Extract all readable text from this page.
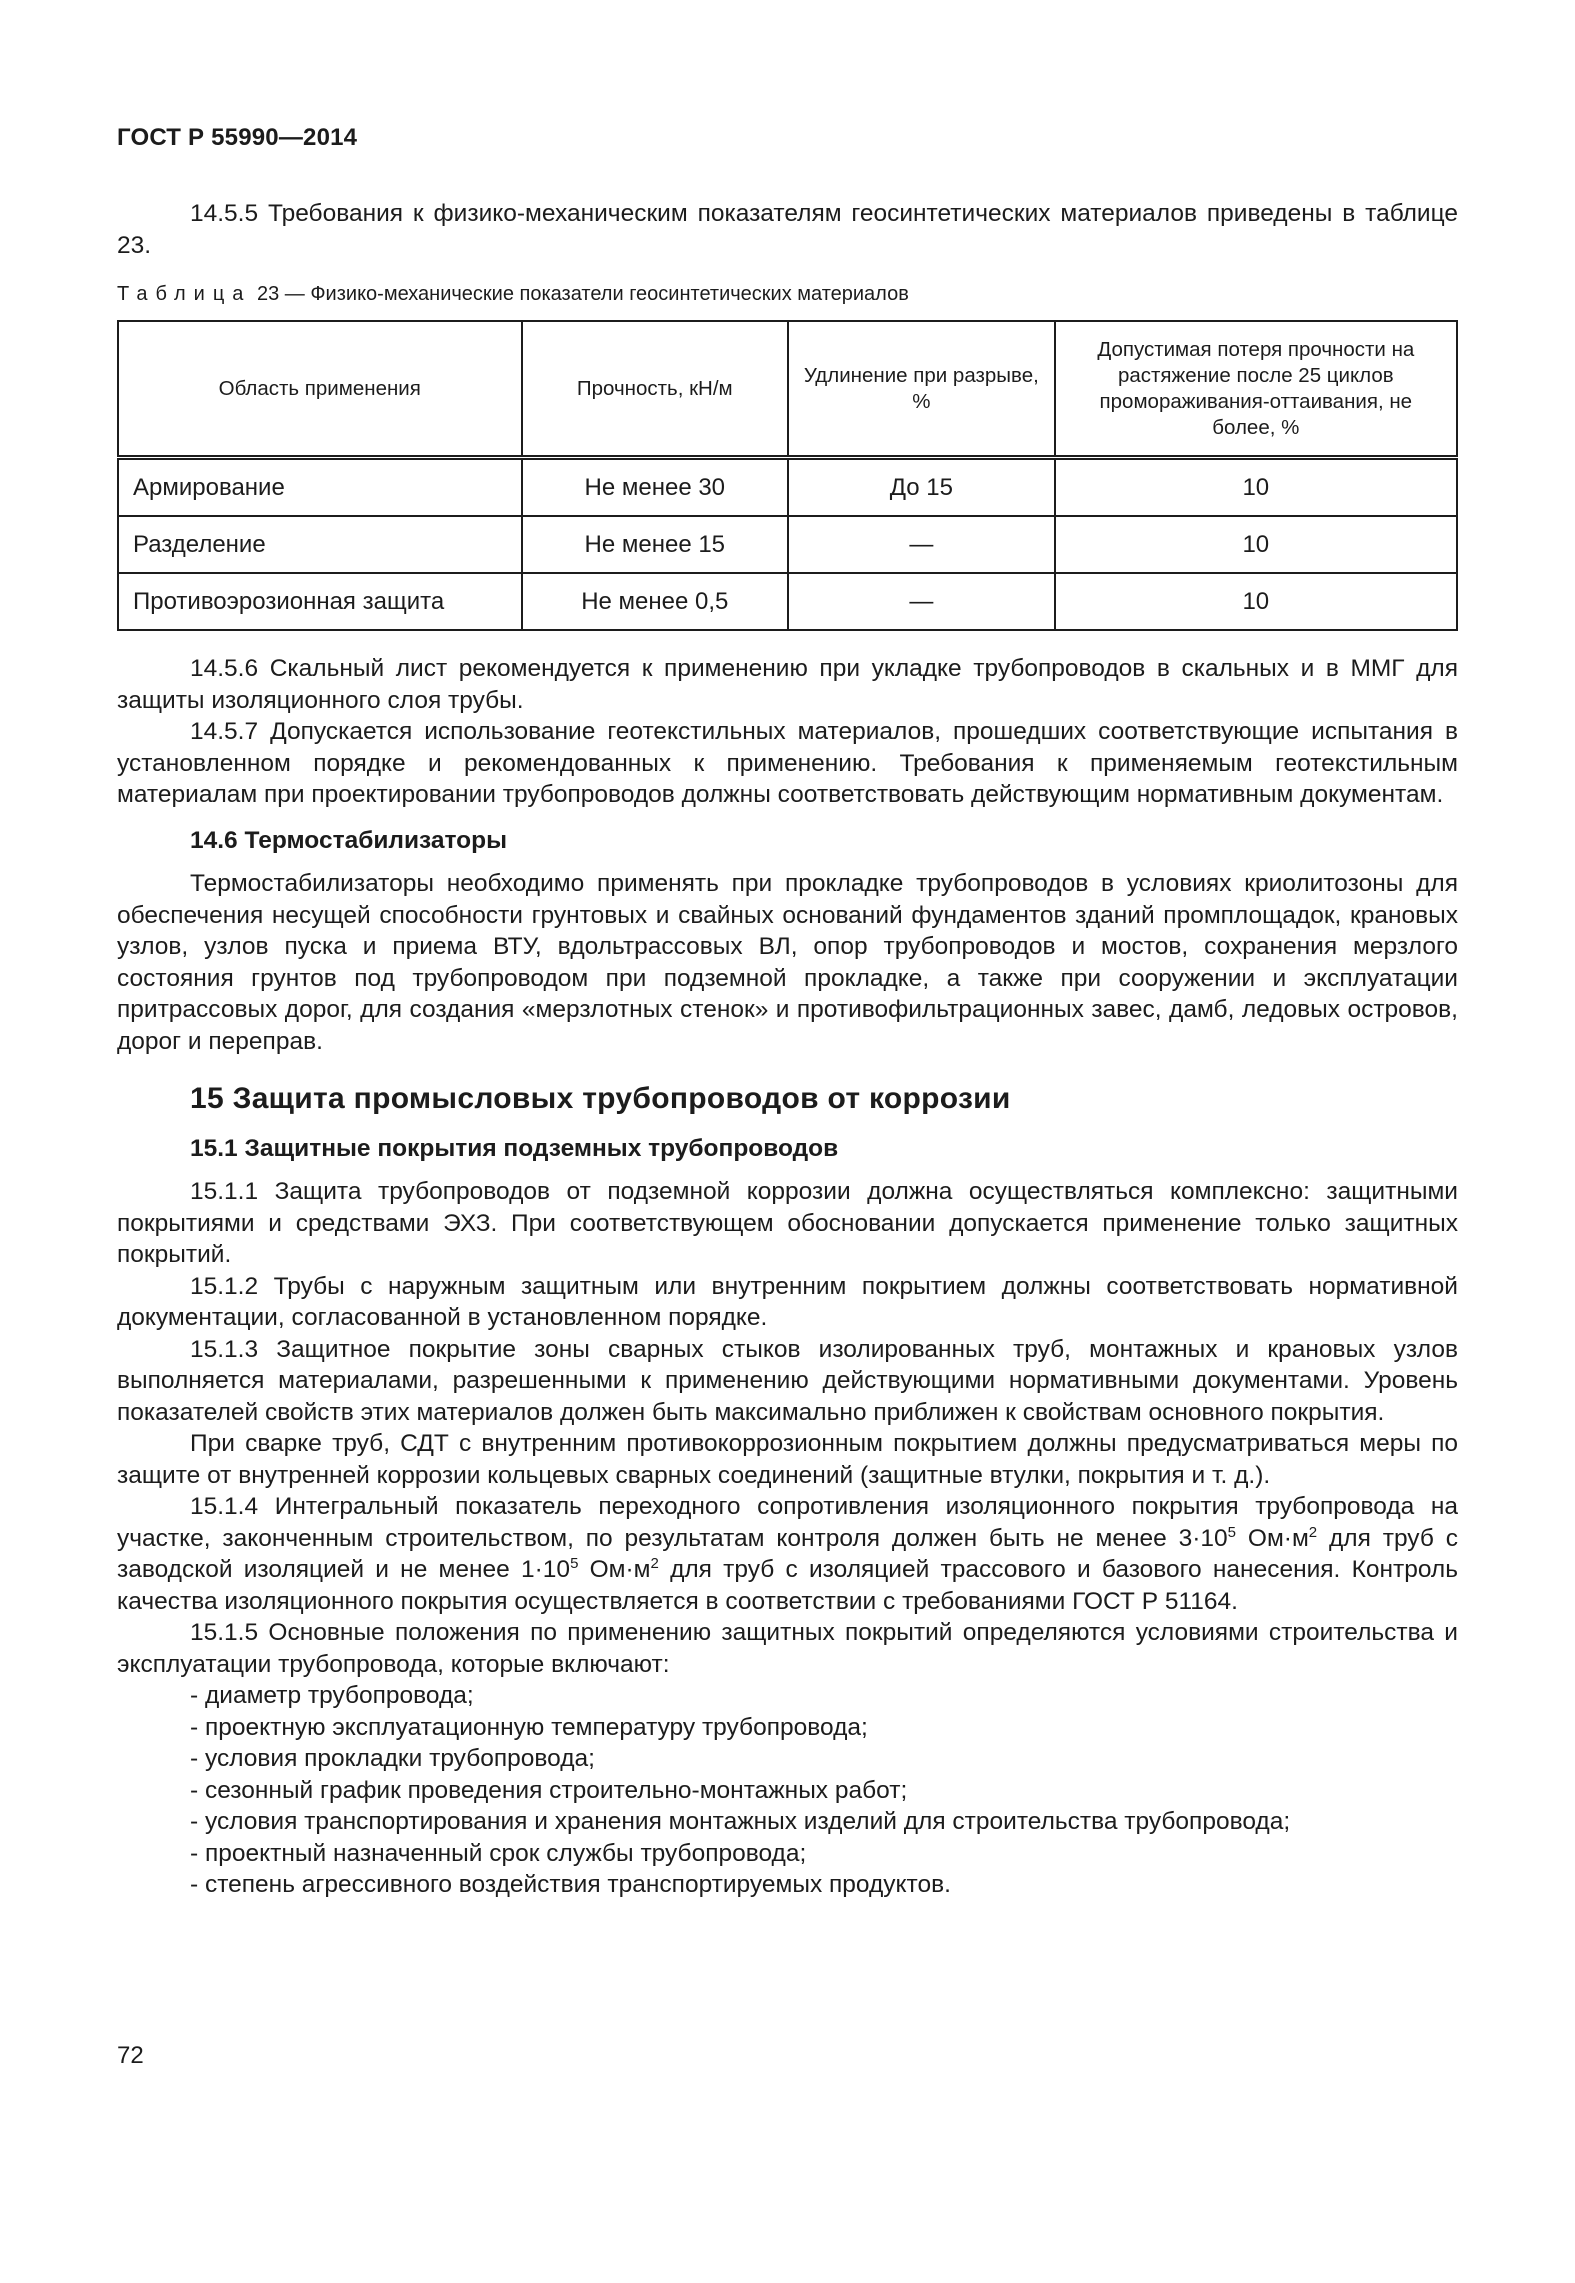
ГОСТ Р 55990—2014

14.5.5 Требования к физико-механическим показателям геосинтетических материалов приведены в таблице 23.

Таблица 23 — Физико-механические показатели геосинтетических материалов
Область применения	Прочность, кН/м	Удлинение при разрыве, %	Допустимая потеря прочности на растяжение после 25 циклов промораживания-оттаивания, не более, %
Армирование	Не менее 30	До 15	10
Разделение	Не менее 15	—	10
Противоэрозионная защита	Не менее 0,5	—	10

14.5.6 Скальный лист рекомендуется к применению при укладке трубопроводов в скальных и в ММГ для защиты изоляционного слоя трубы.

14.5.7 Допускается использование геотекстильных материалов, прошедших соответствующие испытания в установленном порядке и рекомендованных к применению. Требования к применяемым геотекстильным материалам при проектировании трубопроводов должны соответствовать действующим нормативным документам.

14.6 Термостабилизаторы

Термостабилизаторы необходимо применять при прокладке трубопроводов в условиях криолитозоны для обеспечения несущей способности грунтовых и свайных оснований фундаментов зданий промплощадок, крановых узлов, узлов пуска и приема ВТУ, вдольтрассовых ВЛ, опор трубопроводов и мостов, сохранения мерзлого состояния грунтов под трубопроводом при подземной прокладке, а также при сооружении и эксплуатации притрассовых дорог, для создания «мерзлотных стенок» и противофильтрационных завес, дамб, ледовых островов, дорог и переправ.

15 Защита промысловых трубопроводов от коррозии
15.1 Защитные покрытия подземных трубопроводов

15.1.1 Защита трубопроводов от подземной коррозии должна осуществляться комплексно: защитными покрытиями и средствами ЭХЗ. При соответствующем обосновании допускается применение только защитных покрытий.

15.1.2 Трубы с наружным защитным или внутренним покрытием должны соответствовать нормативной документации, согласованной в установленном порядке.

15.1.3 Защитное покрытие зоны сварных стыков изолированных труб, монтажных и крановых узлов выполняется материалами, разрешенными к применению действующими нормативными документами. Уровень показателей свойств этих материалов должен быть максимально приближен к свойствам основного покрытия.

При сварке труб, СДТ с внутренним противокоррозионным покрытием должны предусматриваться меры по защите от внутренней коррозии кольцевых сварных соединений (защитные втулки, покрытия и т. д.).

15.1.4 Интегральный показатель переходного сопротивления изоляционного покрытия трубопровода на участке, законченным строительством, по результатам контроля должен быть не менее $3\cdot 10^5$ $Ом\cdot м^2$ для труб с заводской изоляцией и не менее $1\cdot 10^5$ $Ом\cdot м^2$ для труб с изоляцией трассового и базового нанесения. Контроль качества изоляционного покрытия осуществляется в соответствии с требованиями ГОСТ Р 51164.

15.1.5 Основные положения по применению защитных покрытий определяются условиями строительства и эксплуатации трубопровода, которые включают:

- диаметр трубопровода;
- проектную эксплуатационную температуру трубопровода;
- условия прокладки трубопровода;
- сезонный график проведения строительно-монтажных работ;
- условия транспортирования и хранения монтажных изделий для строительства трубопровода;
- проектный назначенный срок службы трубопровода;
- степень агрессивного воздействия транспортируемых продуктов.
72
